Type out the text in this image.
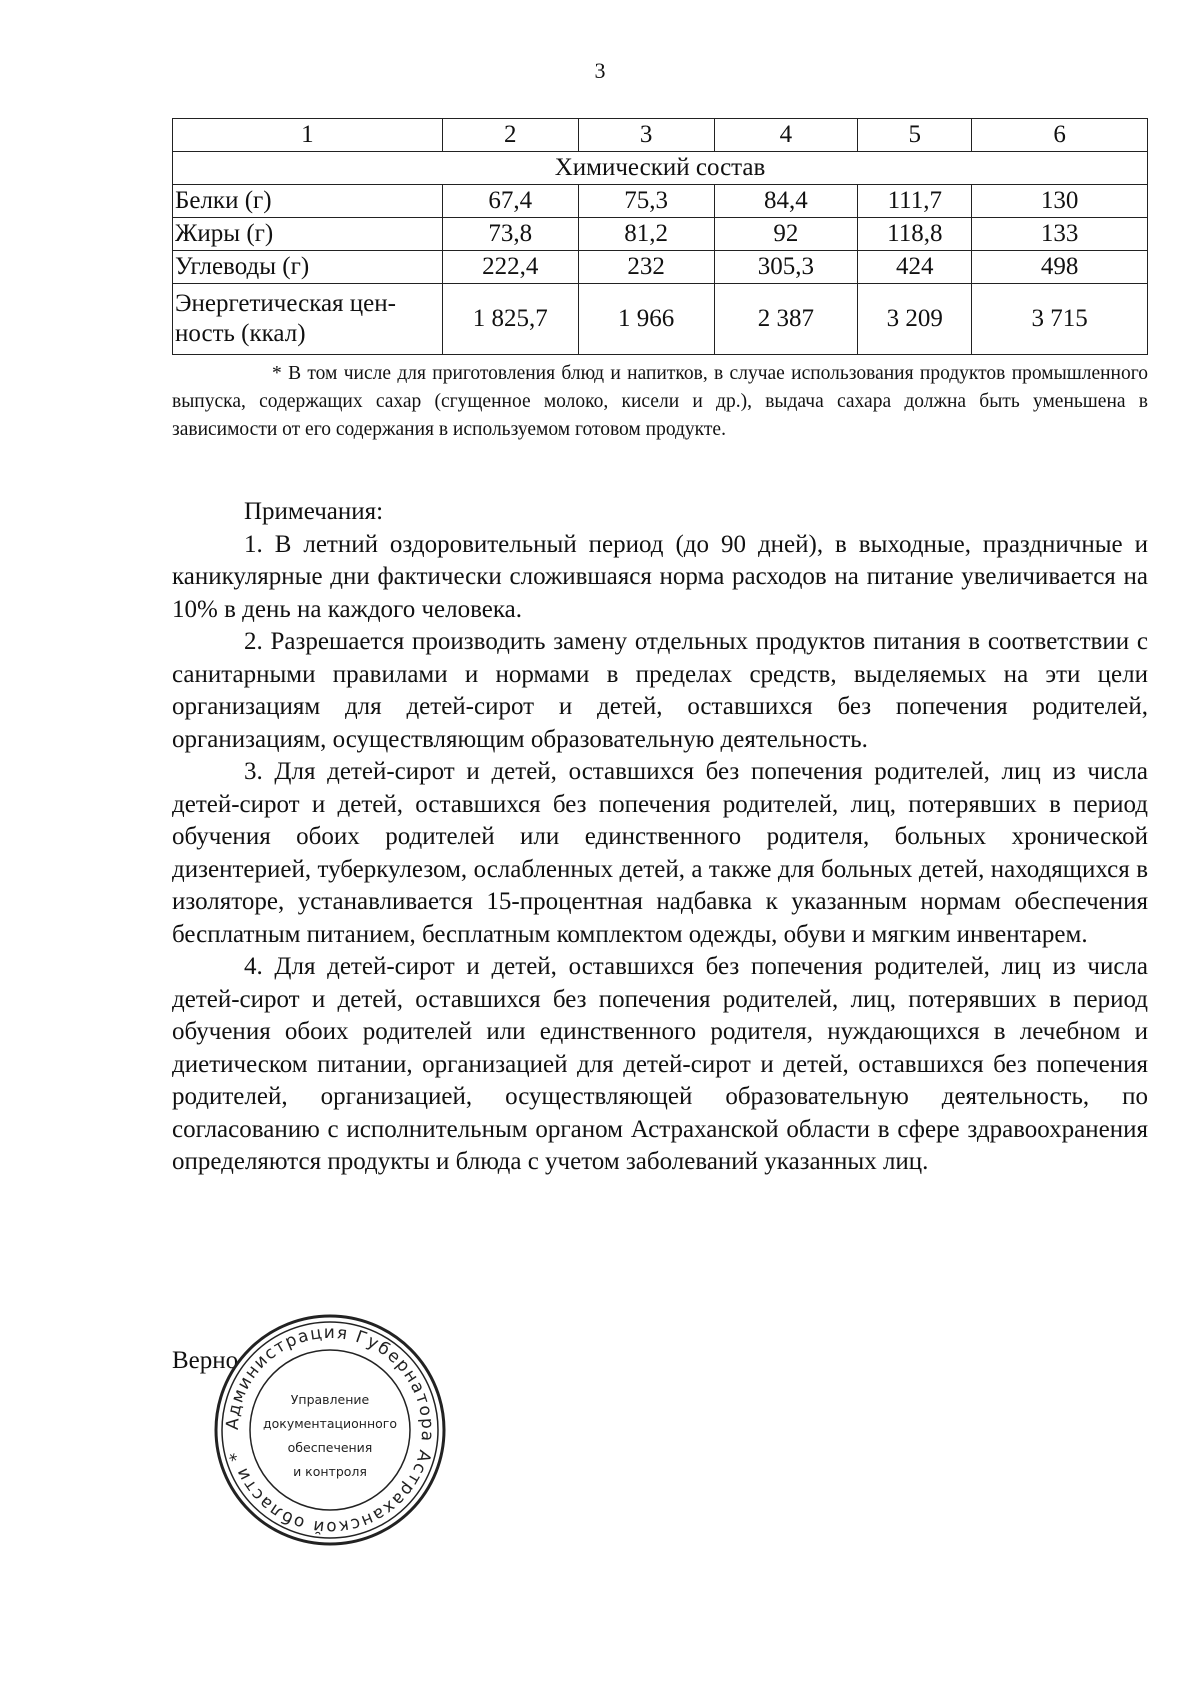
3
1	2	3	4	5	6
Химический состав					
Белки (г)	67,4	75,3	84,4	111,7	130
Жиры (г)	73,8	81,2	92	118,8	133
Углеводы (г)	222,4	232	305,3	424	498
Энергетическая цен-
ность (ккал)	1 825,7	1 966	2 387	3 209	3 715
* В том числе для приготовления блюд и напитков, в случае использования продуктов промышленного выпуска, содержащих сахар (сгущенное молоко, кисели и др.), выдача сахара должна быть уменьшена в зависимости от его содержания в используемом готовом продукте.

Примечания:

1. В летний оздоровительный период (до 90 дней), в выходные, праздничные и каникулярные дни фактически сложившаяся норма расходов на питание увеличивается на 10% в день на каждого человека.

2. Разрешается производить замену отдельных продуктов питания в соответствии с санитарными правилами и нормами в пределах средств, выделяемых на эти цели организациям для детей-сирот и детей, оставшихся без попечения родителей, организациям, осуществляющим образовательную деятельность.

3. Для детей-сирот и детей, оставшихся без попечения родителей, лиц из числа детей-сирот и детей, оставшихся без попечения родителей, лиц, потерявших в период обучения обоих родителей или единственного родителя, больных хронической дизентерией, туберкулезом, ослабленных детей, а также для больных детей, находящихся в изоляторе, устанавливается 15-процентная надбавка к указанным нормам обеспечения бесплатным питанием, бесплатным комплектом одежды, обуви и мягким инвентарем.

4. Для детей-сирот и детей, оставшихся без попечения родителей, лиц из числа детей-сирот и детей, оставшихся без попечения родителей, лиц, потерявших в период обучения обоих родителей или единственного родителя, нуждающихся в лечебном и диетическом питании, организацией для детей-сирот и детей, оставшихся без попечения родителей, организацией, осуществляющей образовательную деятельность, по согласованию с исполнительным органом Астраханской области в сфере здравоохранения определяются продукты и блюда с учетом заболеваний указанных лиц.

Верно
Администрация Губернатора Астраханской области *
Управление
документационного
обеспечения
и контроля
